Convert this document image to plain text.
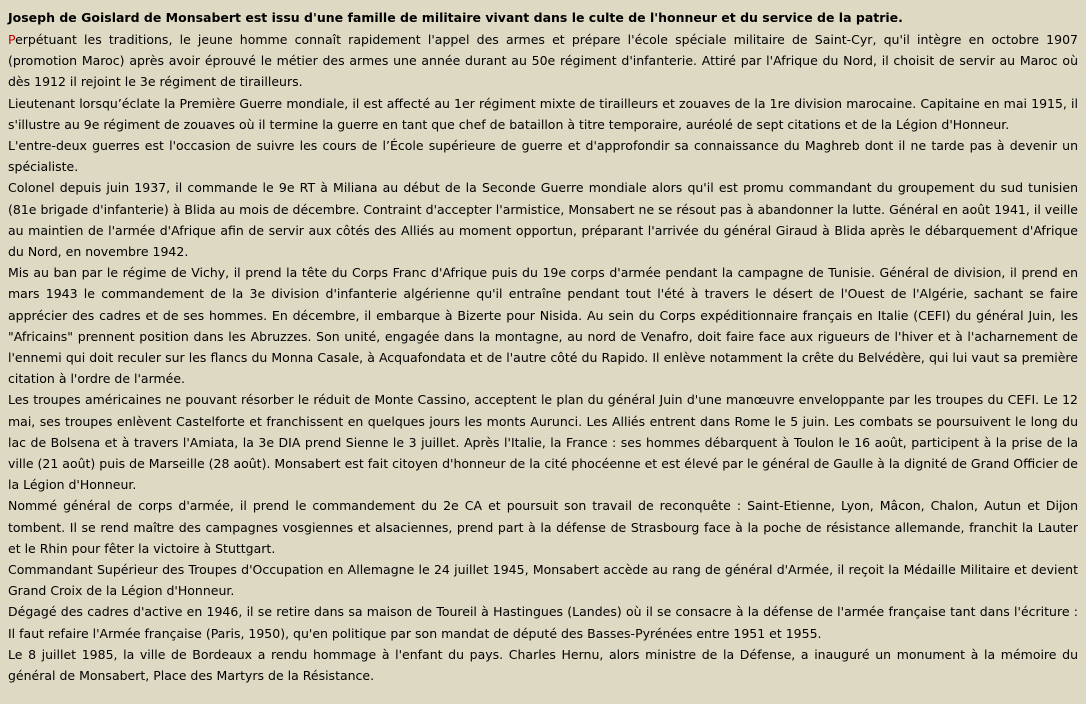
Joseph de Goislard de Monsabert est issu d'une famille de militaire vivant dans le culte de l'honneur et du service de la patrie.

Perpétuant les traditions, le jeune homme connaît rapidement l'appel des armes et prépare l'école spéciale militaire de Saint-Cyr, qu'il intègre en octobre 1907 (promotion Maroc) après avoir éprouvé le métier des armes une année durant au 50e régiment d'infanterie. Attiré par l'Afrique du Nord, il choisit de servir au Maroc où dès 1912 il rejoint le 3e régiment de tirailleurs.

Lieutenant lorsqu’éclate la Première Guerre mondiale, il est affecté au 1er régiment mixte de tirailleurs et zouaves de la 1re division marocaine. Capitaine en mai 1915, il s'illustre au 9e régiment de zouaves où il termine la guerre en tant que chef de bataillon à titre temporaire, auréolé de sept citations et de la Légion d'Honneur.

L'entre-deux guerres est l'occasion de suivre les cours de l’École supérieure de guerre et d'approfondir sa connaissance du Maghreb dont il ne tarde pas à devenir un spécialiste.

Colonel depuis juin 1937, il commande le 9e RT à Miliana au début de la Seconde Guerre mondiale alors qu'il est promu commandant du groupement du sud tunisien (81e brigade d'infanterie) à Blida au mois de décembre. Contraint d'accepter l'armistice, Monsabert ne se résout pas à abandonner la lutte. Général en août 1941, il veille au maintien de l'armée d'Afrique afin de servir aux côtés des Alliés au moment opportun, préparant l'arrivée du général Giraud à Blida après le débarquement d'Afrique du Nord, en novembre 1942.

Mis au ban par le régime de Vichy, il prend la tête du Corps Franc d'Afrique puis du 19e corps d'armée pendant la campagne de Tunisie. Général de division, il prend en mars 1943 le commandement de la 3e division d'infanterie algérienne qu'il entraîne pendant tout l'été à travers le désert de l'Ouest de l'Algérie, sachant se faire apprécier des cadres et de ses hommes. En décembre, il embarque à Bizerte pour Nisida. Au sein du Corps expéditionnaire français en Italie (CEFI) du général Juin, les "Africains" prennent position dans les Abruzzes. Son unité, engagée dans la montagne, au nord de Venafro, doit faire face aux rigueurs de l'hiver et à l'acharnement de l'ennemi qui doit reculer sur les flancs du Monna Casale, à Acquafondata et de l'autre côté du Rapido. Il enlève notamment la crête du Belvédère, qui lui vaut sa première citation à l'ordre de l'armée.

Les troupes américaines ne pouvant résorber le réduit de Monte Cassino, acceptent le plan du général Juin d'une manœuvre enveloppante par les troupes du CEFI. Le 12 mai, ses troupes enlèvent Castelforte et franchissent en quelques jours les monts Aurunci. Les Alliés entrent dans Rome le 5 juin. Les combats se poursuivent le long du lac de Bolsena et à travers l'Amiata, la 3e DIA prend Sienne le 3 juillet. Après l'Italie, la France : ses hommes débarquent à Toulon le 16 août, participent à la prise de la ville (21 août) puis de Marseille (28 août). Monsabert est fait citoyen d'honneur de la cité phocéenne et est élevé par le général de Gaulle à la dignité de Grand Officier de la Légion d'Honneur.

Nommé général de corps d'armée, il prend le commandement du 2e CA et poursuit son travail de reconquête : Saint-Etienne, Lyon, Mâcon, Chalon, Autun et Dijon tombent. Il se rend maître des campagnes vosgiennes et alsaciennes, prend part à la défense de Strasbourg face à la poche de résistance allemande, franchit la Lauter et le Rhin pour fêter la victoire à Stuttgart.

Commandant Supérieur des Troupes d'Occupation en Allemagne le 24 juillet 1945, Monsabert accède au rang de général d'Armée, il reçoit la Médaille Militaire et devient Grand Croix de la Légion d'Honneur.

Dégagé des cadres d'active en 1946, il se retire dans sa maison de Toureil à Hastingues (Landes) où il se consacre à la défense de l'armée française tant dans l'écriture : Il faut refaire l'Armée française (Paris, 1950), qu'en politique par son mandat de député des Basses-Pyrénées entre 1951 et 1955.

Le 8 juillet 1985, la ville de Bordeaux a rendu hommage à l'enfant du pays. Charles Hernu, alors ministre de la Défense, a inauguré un monument à la mémoire du général de Monsabert, Place des Martyrs de la Résistance.
